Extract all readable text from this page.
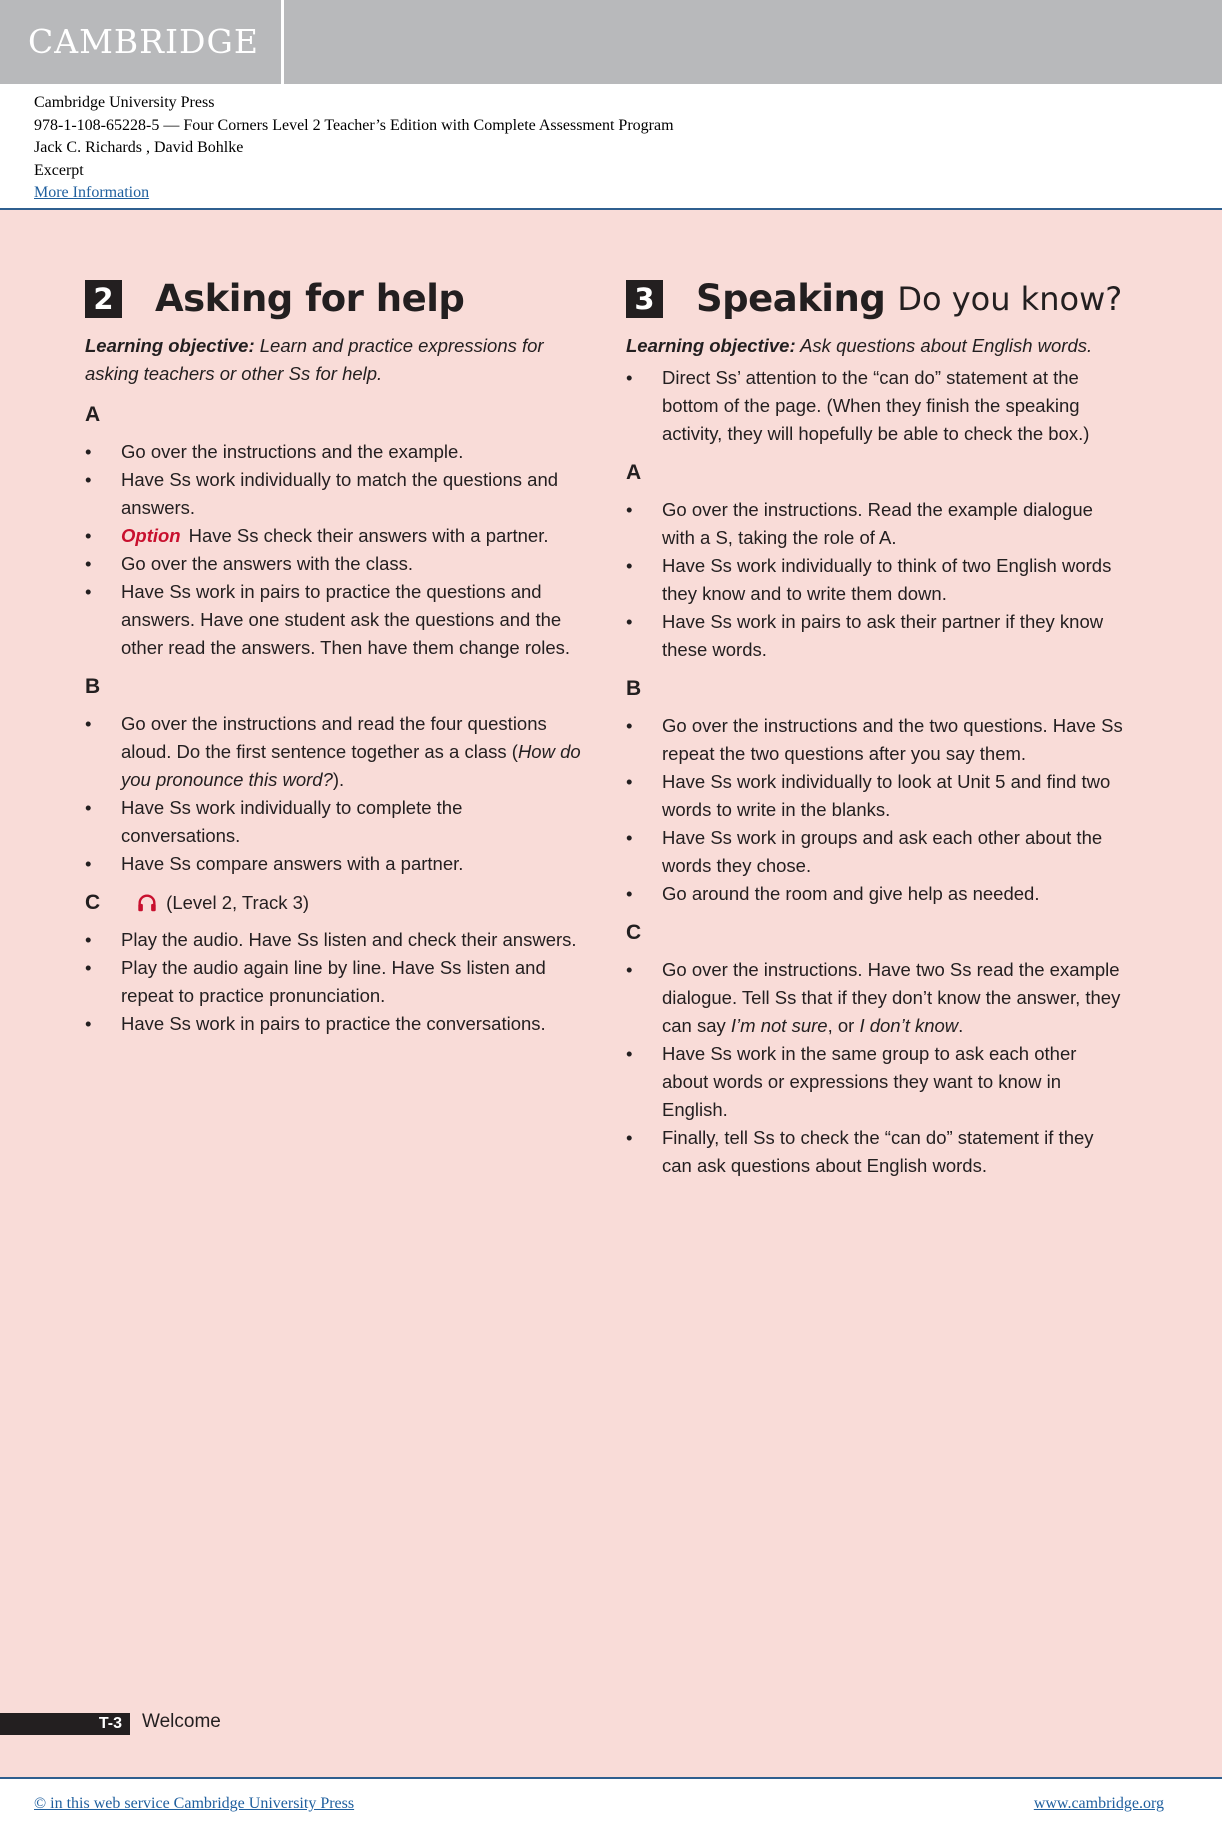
CAMBRIDGE
Cambridge University Press
978-1-108-65228-5 — Four Corners Level 2 Teacher’s Edition with Complete Assessment Program
Jack C. Richards , David Bohlke
Excerpt
More Information
2 Asking for help
Learning objective: Learn and practice expressions for asking teachers or other Ss for help.
A
• Go over the instructions and the example.
• Have Ss work individually to match the questions and answers.
• Option Have Ss check their answers with a partner.
• Go over the answers with the class.
• Have Ss work in pairs to practice the questions and answers. Have one student ask the questions and the other read the answers. Then have them change roles.
B
• Go over the instructions and read the four questions aloud. Do the first sentence together as a class (How do you pronounce this word?).
• Have Ss work individually to complete the conversations.
• Have Ss compare answers with a partner.
C	(Level 2, Track 3)
• Play the audio. Have Ss listen and check their answers.
• Play the audio again line by line. Have Ss listen and repeat to practice pronunciation.
• Have Ss work in pairs to practice the conversations.
3 Speaking Do you know?
Learning objective: Ask questions about English words.
• Direct Ss’ attention to the “can do” statement at the bottom of the page. (When they finish the speaking activity, they will hopefully be able to check the box.)
A
• Go over the instructions. Read the example dialogue with a S, taking the role of A.
• Have Ss work individually to think of two English words they know and to write them down.
• Have Ss work in pairs to ask their partner if they know these words.
B
• Go over the instructions and the two questions. Have Ss repeat the two questions after you say them.
• Have Ss work individually to look at Unit 5 and find two words to write in the blanks.
• Have Ss work in groups and ask each other about the words they chose.
• Go around the room and give help as needed.
C
• Go over the instructions. Have two Ss read the example dialogue. Tell Ss that if they don’t know the answer, they can say I’m not sure, or I don’t know.
• Have Ss work in the same group to ask each other about words or expressions they want to know in English.
• Finally, tell Ss to check the “can do” statement if they can ask questions about English words.
T-3 Welcome
© in this web service Cambridge University Press	www.cambridge.org
